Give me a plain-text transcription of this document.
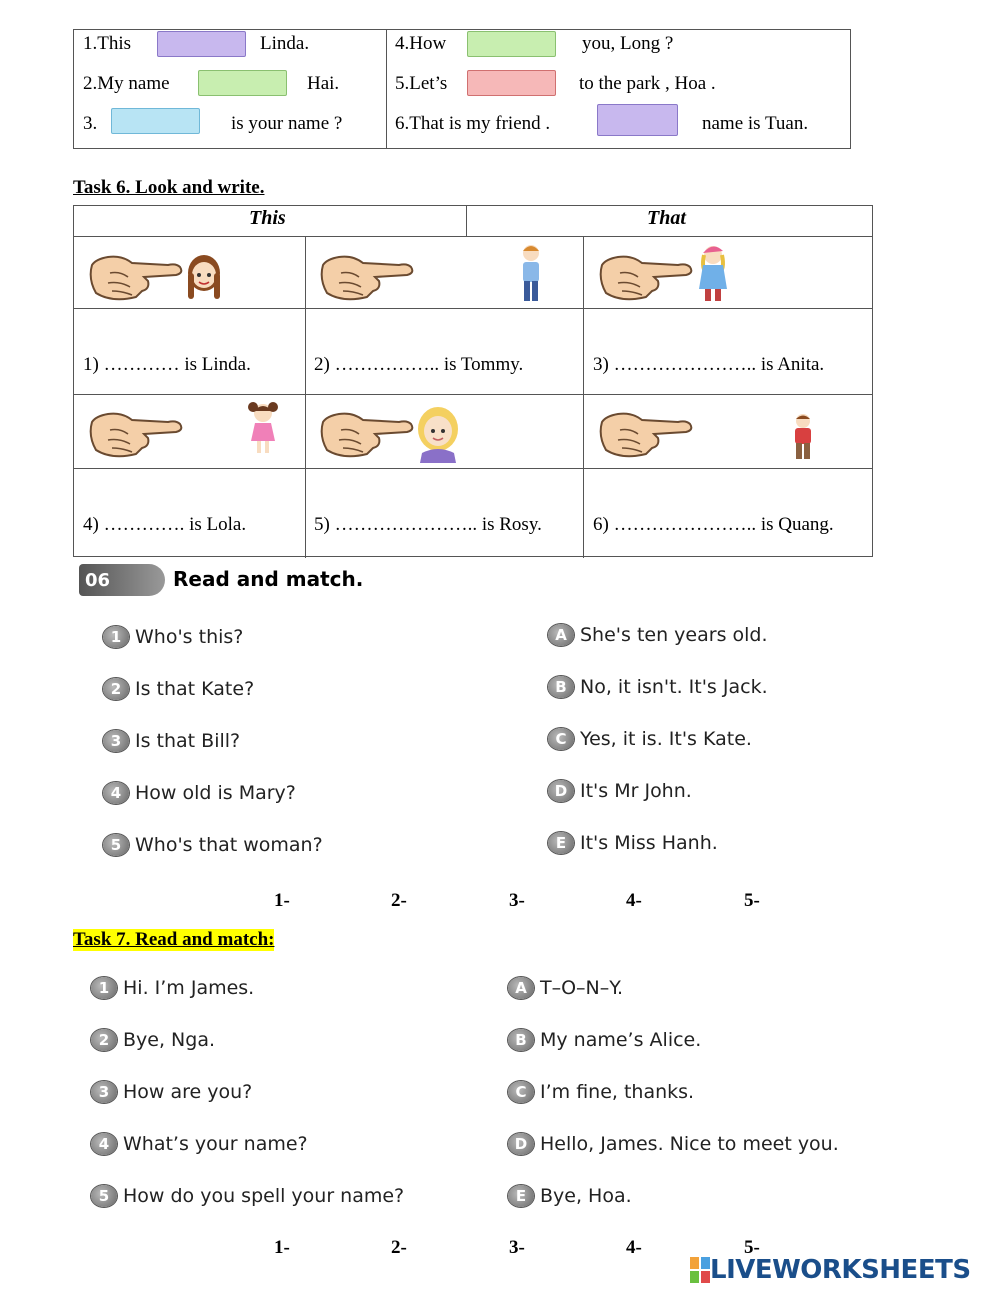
1.This	Linda.
2.My name	Hai.
3.	is your name ?
4.How	you, Long ?
5.Let’s	to the park , Hoa .
6.That is my friend .	name is Tuan.
Task 6. Look and write.
This	That
1) ………… is Linda.	2) …………….. is Tommy.	3) ………………….. is Anita.
4) …………. is Lola.	5) ………………….. is Rosy.	6) ………………….. is Quang.
06	Read and match.
1 Who's this?
2 Is that Kate?
3 Is that Bill?
4 How old is Mary?
5 Who's that woman?
A She's ten years old.
B No, it isn't. It's Jack.
C Yes, it is. It's Kate.
D It's Mr John.
E It's Miss Hanh.
1-	2-	3-	4-	5-
Task 7. Read and match:
1 Hi. I’m James.
2 Bye, Nga.
3 How are you?
4 What’s your name?
5 How do you spell your name?
A T–O–N–Y.
B My name’s Alice.
C I’m fine, thanks.
D Hello, James. Nice to meet you.
E Bye, Hoa.
1-	2-	3-	4-	5-
LIVEWORKSHEETS
